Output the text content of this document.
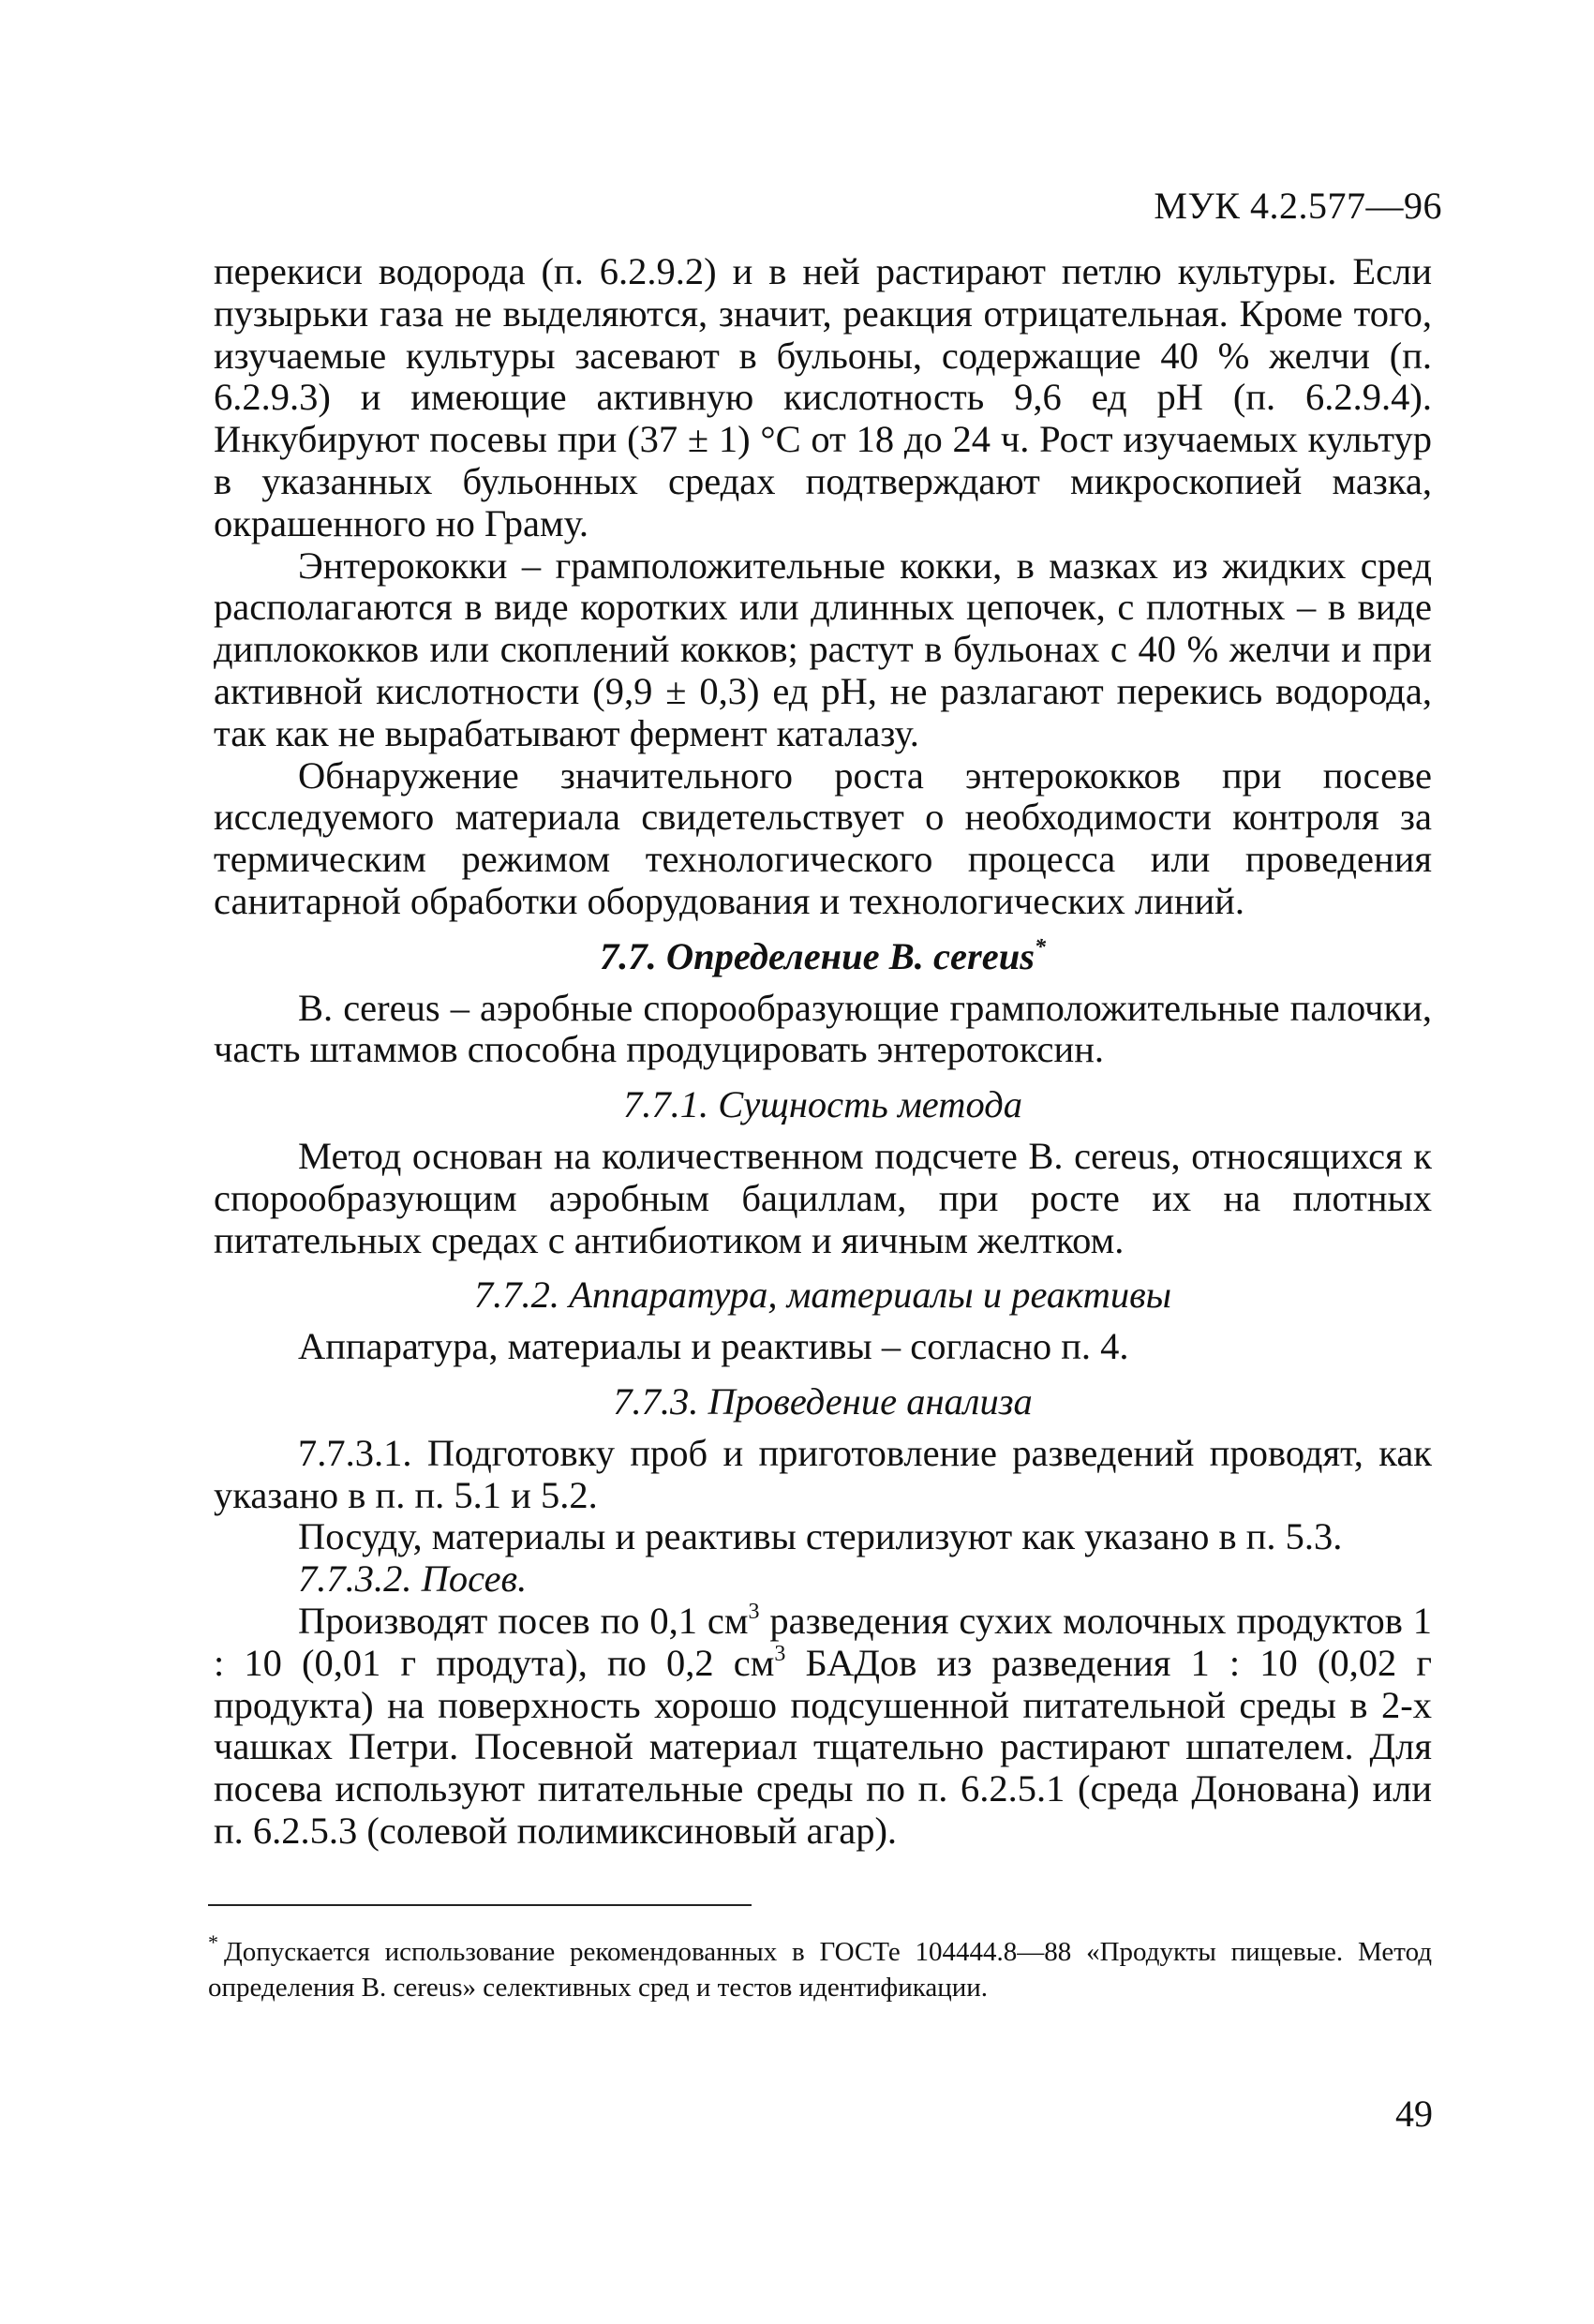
МУК 4.2.577—96

перекиси водорода (п. 6.2.9.2) и в ней растирают петлю культуры. Если пузырьки газа не выделяются, значит, реакция отрицательная. Кроме того, изучаемые культуры засевают в бульоны, содержащие 40 % желчи (п. 6.2.9.3) и имеющие активную кислотность 9,6 ед pH (п. 6.2.9.4). Инкубируют посевы при (37 ± 1) °С от 18 до 24 ч. Рост изучаемых культур в указанных бульонных средах подтверждают микроскопией мазка, окрашенного но Граму.

Энтерококки – грамположительные кокки, в мазках из жидких сред располагаются в виде коротких или длинных цепочек, с плотных – в виде диплококков или скоплений кокков; растут в бульонах с 40 % желчи и при активной кислотности (9,9 ± 0,3) ед pH, не разлагают перекись водорода, так как не вырабатывают фермент каталазу.

Обнаружение значительного роста энтерококков при посеве исследуемого материала свидетельствует о необходимости контроля за термическим режимом технологического процесса или проведения санитарной обработки оборудования и технологических линий.

7.7. Определение B. cereus*

B. cereus – аэробные спорообразующие грамположительные палочки, часть штаммов способна продуцировать энтеротоксин.

7.7.1. Сущность метода

Метод основан на количественном подсчете B. cereus, относящихся к спорообразующим аэробным бациллам, при росте их на плотных питательных средах с антибиотиком и яичным желтком.

7.7.2. Аппаратура, материалы и реактивы

Аппаратура, материалы и реактивы – согласно п. 4.

7.7.3. Проведение анализа

7.7.3.1. Подготовку проб и приготовление разведений проводят, как указано в п. п. 5.1 и 5.2.

Посуду, материалы и реактивы стерилизуют как указано в п. 5.3.

7.7.3.2. Посев.

Производят посев по 0,1 $см^3$ разведения сухих молочных продуктов 1 : 10 (0,01 г продута), по 0,2 $см^3$ БАДов из разведения 1 : 10 (0,02 г продукта) на поверхность хорошо подсушенной питательной среды в 2-х чашках Петри. Посевной материал тщательно растирают шпателем. Для посева используют питательные среды по п. 6.2.5.1 (среда Донована) или п. 6.2.5.3 (солевой полимиксиновый агар).

* Допускается использование рекомендованных в ГОСТе 104444.8—88 «Продукты пищевые. Метод определения B. cereus» селективных сред и тестов идентификации.
49
